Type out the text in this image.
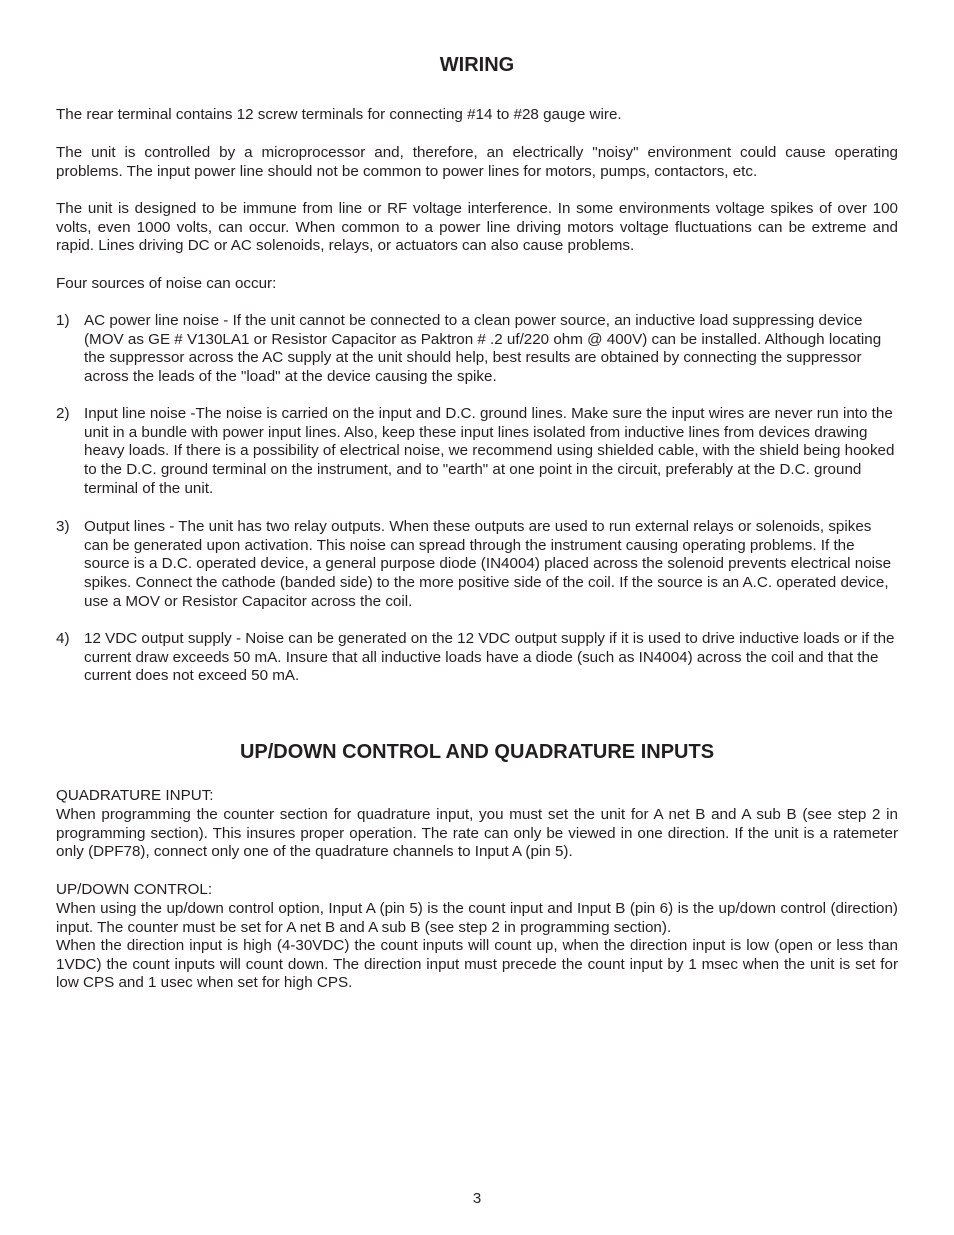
WIRING

The rear terminal contains 12 screw terminals for connecting #14 to #28 gauge wire.

The unit is controlled by a microprocessor and, therefore, an electrically "noisy" environment could cause operating problems. The input power line should not be common to power lines for motors, pumps, contactors, etc.

The unit is designed to be immune from line or RF voltage interference. In some environments voltage spikes of over 100 volts, even 1000 volts, can occur. When common to a power line driving motors voltage fluctuations can be extreme and rapid. Lines driving DC or AC solenoids, relays, or actuators can also cause problems.

Four sources of noise can occur:

1) AC power line noise - If the unit cannot be connected to a clean power source, an inductive load suppressing device (MOV as GE # V130LA1 or Resistor Capacitor as Paktron # .2 uf/220 ohm @ 400V) can be installed. Although locating the suppressor across the AC supply at the unit should help, best results are obtained by connecting the suppressor across the leads of the "load" at the device causing the spike.

2) Input line noise -The noise is carried on the input and D.C. ground lines. Make sure the input wires are never run into the unit in a bundle with power input lines. Also, keep these input lines isolated from inductive lines from devices drawing heavy loads. If there is a possibility of electrical noise, we recommend using shielded cable, with the shield being hooked to the D.C. ground terminal on the instrument, and to "earth" at one point in the circuit, preferably at the D.C. ground terminal of the unit.

3) Output lines - The unit has two relay outputs. When these outputs are used to run external relays or solenoids, spikes can be generated upon activation. This noise can spread through the instrument causing operating problems. If the source is a D.C. operated device, a general purpose diode (IN4004) placed across the solenoid prevents electrical noise spikes. Connect the cathode (banded side) to the more positive side of the coil. If the source is an A.C. operated device, use a MOV or Resistor Capacitor across the coil.

4) 12 VDC output supply - Noise can be generated on the 12 VDC output supply if it is used to drive inductive loads or if the current draw exceeds 50 mA. Insure that all inductive loads have a diode (such as IN4004) across the coil and that the current does not exceed 50 mA.

UP/DOWN CONTROL AND QUADRATURE INPUTS

QUADRATURE INPUT:

When programming the counter section for quadrature input, you must set the unit for A net B and A sub B (see step 2 in programming section). This insures proper operation. The rate can only be viewed in one direction. If the unit is a ratemeter only (DPF78), connect only one of the quadrature channels to Input A (pin 5).

UP/DOWN CONTROL:

When using the up/down control option, Input A (pin 5) is the count input and Input B (pin 6) is the up/down control (direction) input. The counter must be set for A net B and A sub B (see step 2 in programming section).

When the direction input is high (4-30VDC) the count inputs will count up, when the direction input is low (open or less than 1VDC) the count inputs will count down. The direction input must precede the count input by 1 msec when the unit is set for low CPS and 1 usec when set for high CPS.

3
